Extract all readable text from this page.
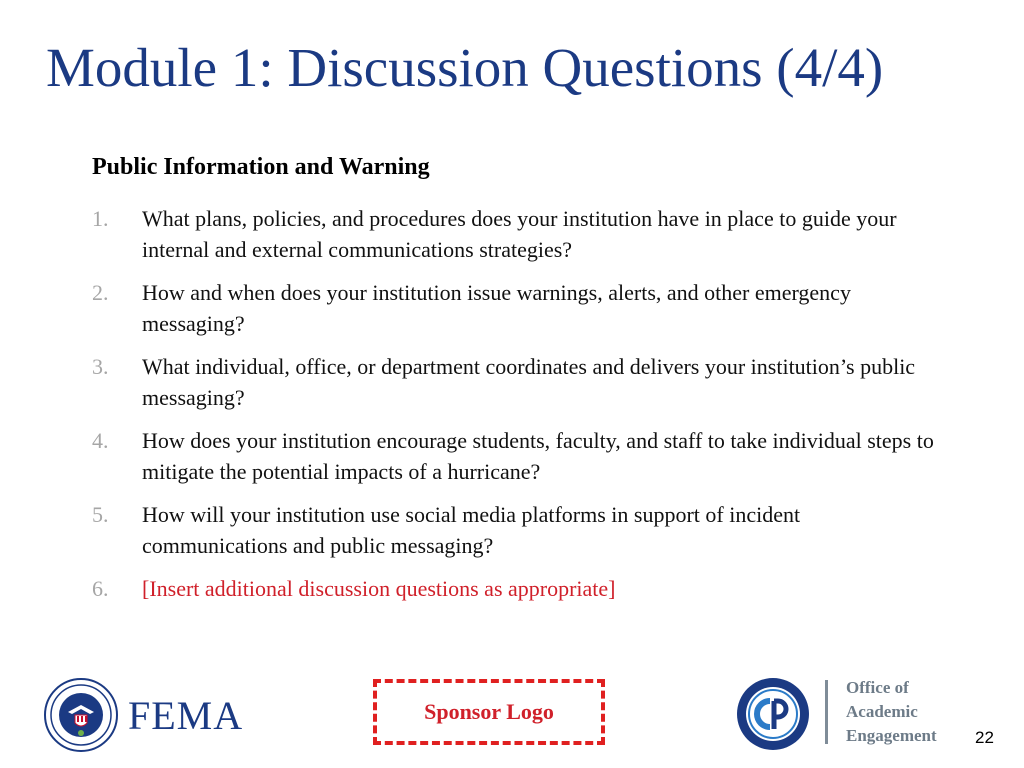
Module 1: Discussion Questions (4/4)
Public Information and Warning
1.	What plans, policies, and procedures does your institution have in place to guide your internal and external communications strategies?
2.	How and when does your institution issue warnings, alerts, and other emergency messaging?
3.	What individual, office, or department coordinates and delivers your institution’s public messaging?
4.	How does your institution encourage students, faculty, and staff to take individual steps to mitigate the potential impacts of a hurricane?
5.	How will your institution use social media platforms in support of incident communications and public messaging?
6.	[Insert additional discussion questions as appropriate]
FEMA	Sponsor Logo
Office of
Academic
Engagement 22
